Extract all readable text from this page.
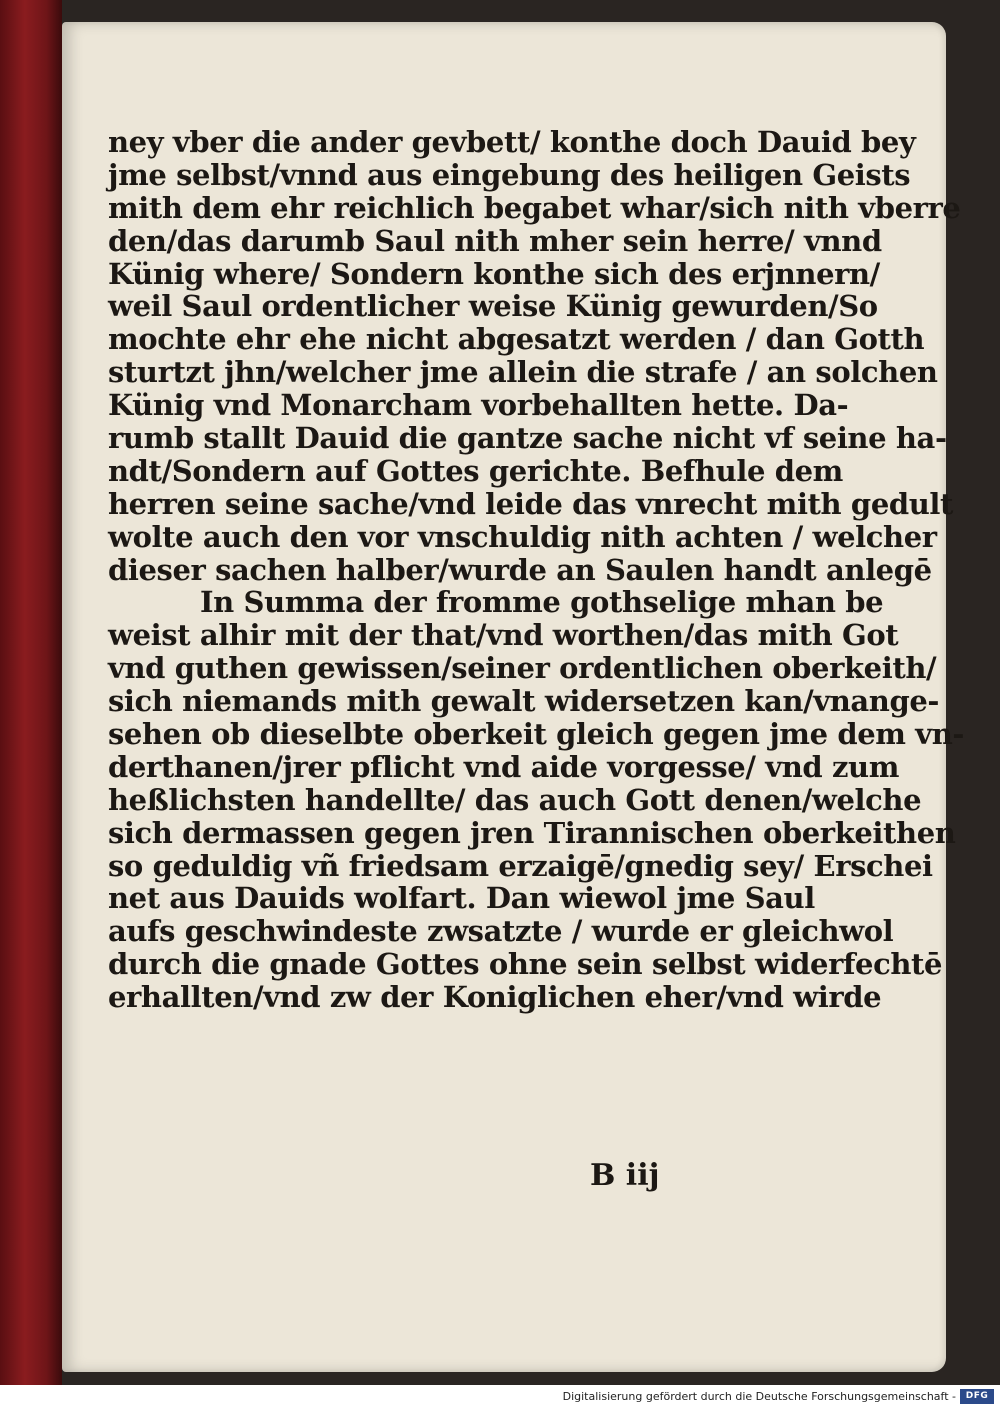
ney vber die ander gevbett/ konthe doch Dauid bey
jme selbst/vnnd aus eingebung des heiligen Geists
mith dem ehr reichlich begabet whar/sich nith vberre
den/das darumb Saul nith mher sein herre/ vnnd
Künig where/ Sondern konthe sich des erjnnern/
weil Saul ordentlicher weise Künig gewurden/So
mochte ehr ehe nicht abgesatzt werden / dan Gotth
sturtzt jhn/welcher jme allein die strafe / an solchen
Künig vnd Monarcham vorbehallten hette. Da-
rumb stallt Dauid die gantze sache nicht vf seine ha-
ndt/Sondern auf Gottes gerichte. Befhule dem
herren seine sache/vnd leide das vnrecht mith gedult
wolte auch den vor vnschuldig nith achten / welcher
dieser sachen halber/wurde an Saulen handt anlegē
In Summa der fromme gothselige mhan be
weist alhir mit der that/vnd worthen/das mith Got
vnd guthen gewissen/seiner ordentlichen oberkeith/
sich niemands mith gewalt widersetzen kan/vnange-
sehen ob dieselbte oberkeit gleich gegen jme dem vn-
derthanen/jrer pflicht vnd aide vorgesse/ vnd zum
heßlichsten handellte/ das auch Gott denen/welche
sich dermassen gegen jren Tirannischen oberkeithen
so geduldig vñ friedsam erzaigē/gnedig sey/ Erschei
net aus Dauids wolfart. Dan wiewol jme Saul
aufs geschwindeste zwsatzte / wurde er gleichwol
durch die gnade Gottes ohne sein selbst widerfechtē
erhallten/vnd zw der Koniglichen eher/vnd wirde
B iij
Digitalisierung gefördert durch die Deutsche Forschungsgemeinschaft -	DFG
